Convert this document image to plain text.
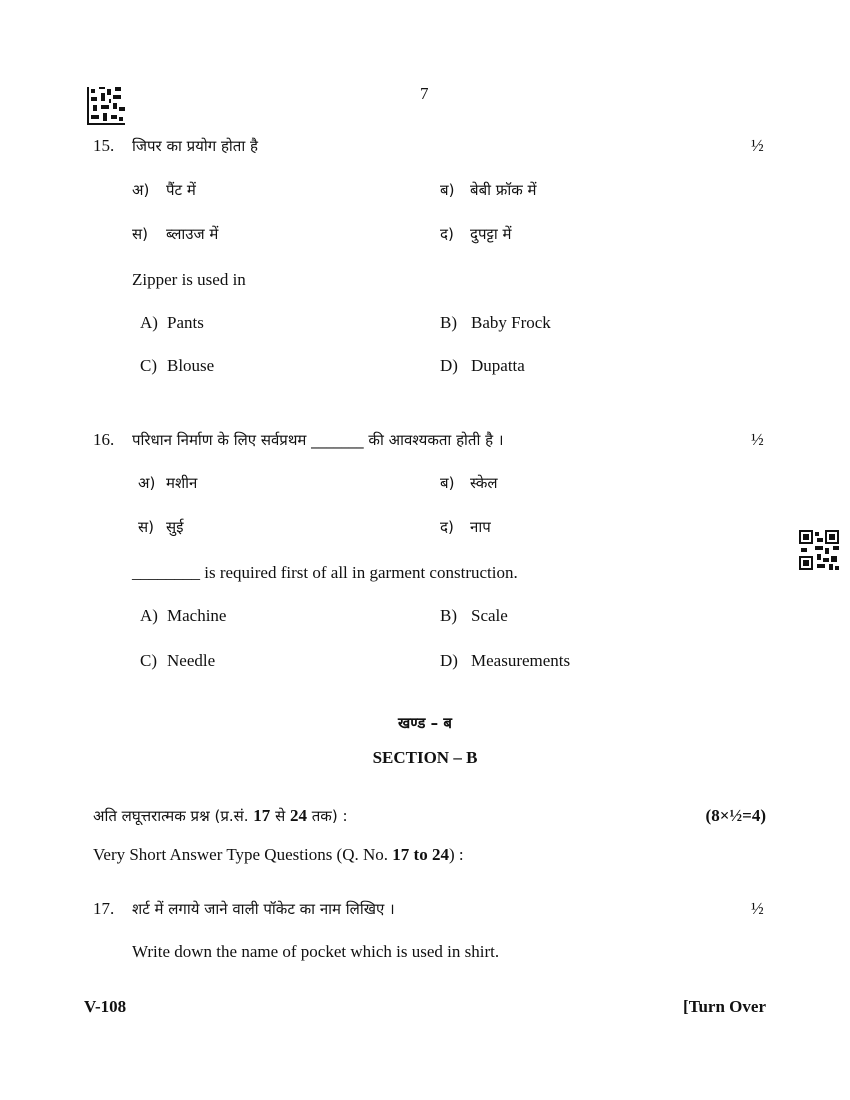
7
15. जिपर का प्रयोग होता है	½
अ) पैंट में	ब) बेबी फ्रॉक में
स) ब्लाउज में	द) दुपट्टा में
Zipper is used in
A) Pants	B) Baby Frock
C) Blouse	D) Dupatta
16. परिधान निर्माण के लिए सर्वप्रथम _______ की आवश्यकता होती है ।	½
अ) मशीन	ब) स्केल
स) सुई	द) नाप
________ is required first of all in garment construction.
A) Machine	B) Scale
C) Needle	D) Measurements
खण्ड – ब
SECTION – B
अति लघूत्तरात्मक प्रश्न (प्र.सं. 17 से 24 तक) :	(8×½=4)
Very Short Answer Type Questions (Q. No. 17 to 24) :
17. शर्ट में लगाये जाने वाली पॉकेट का नाम लिखिए ।	½
Write down the name of pocket which is used in shirt.
V-108	[Turn Over
